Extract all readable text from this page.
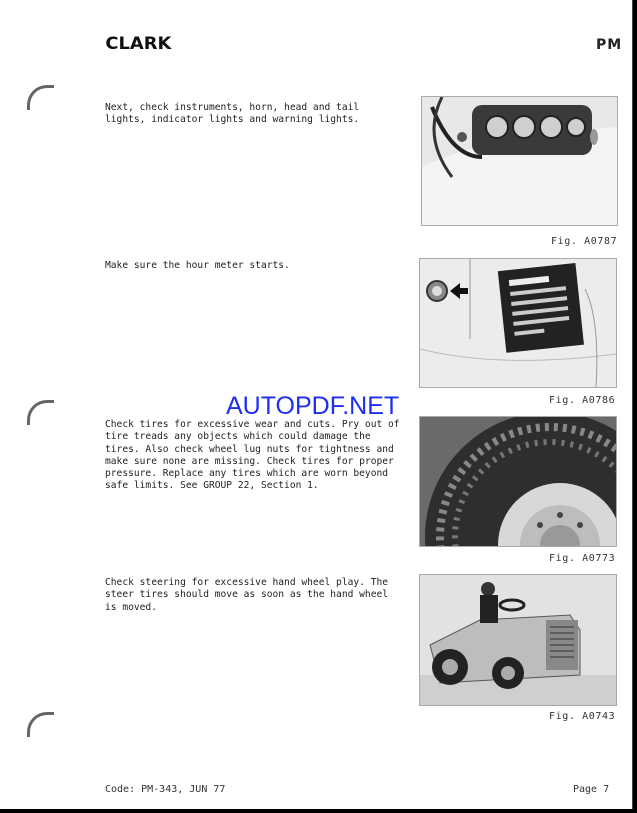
CLARK	PM
Next, check instruments, horn, head and tail lights, indicator lights and warning lights.
Fig. A0787
Make sure the hour meter starts.
Fig. A0786
AUTOPDF.NET
Check tires for excessive wear and cuts. Pry out of tire treads any objects which could damage the tires. Also check wheel lug nuts for tightness and make sure none are missing. Check tires for proper pressure. Replace any tires which are worn beyond safe limits. See GROUP 22, Section 1.
Fig. A0773
Check steering for excessive hand wheel play. The steer tires should move as soon as the hand wheel is moved.
Fig. A0743
Code: PM-343, JUN 77	Page 7
